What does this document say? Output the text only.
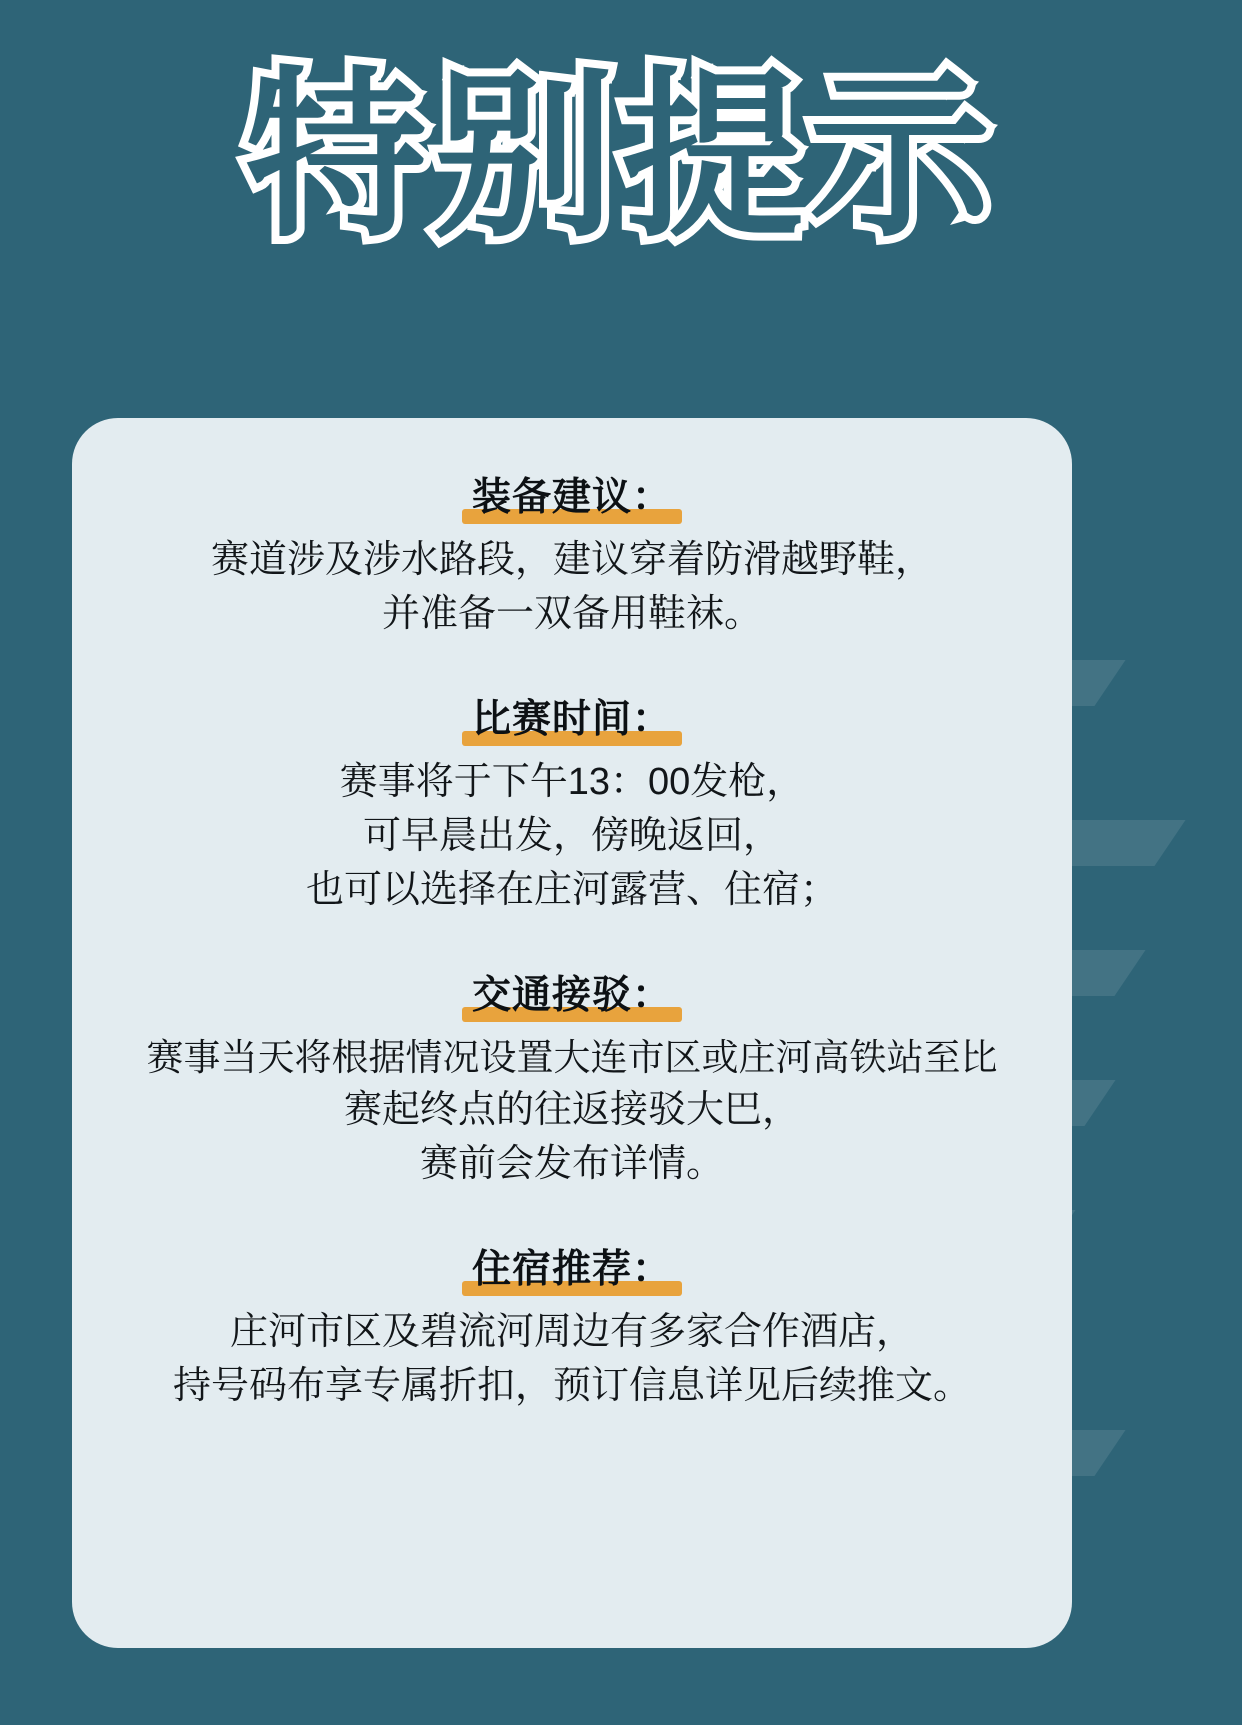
特别提示
装备建议：
赛道涉及涉水路段，建议穿着防滑越野鞋，
并准备一双备用鞋袜。
比赛时间：
赛事将于下午13：00发枪，
可早晨出发，傍晚返回，
也可以选择在庄河露营、住宿；
交通接驳：
赛事当天将根据情况设置大连市区或庄河高铁站至比
赛起终点的往返接驳大巴，
赛前会发布详情。
住宿推荐：
庄河市区及碧流河周边有多家合作酒店，
持号码布享专属折扣，预订信息详见后续推文。
